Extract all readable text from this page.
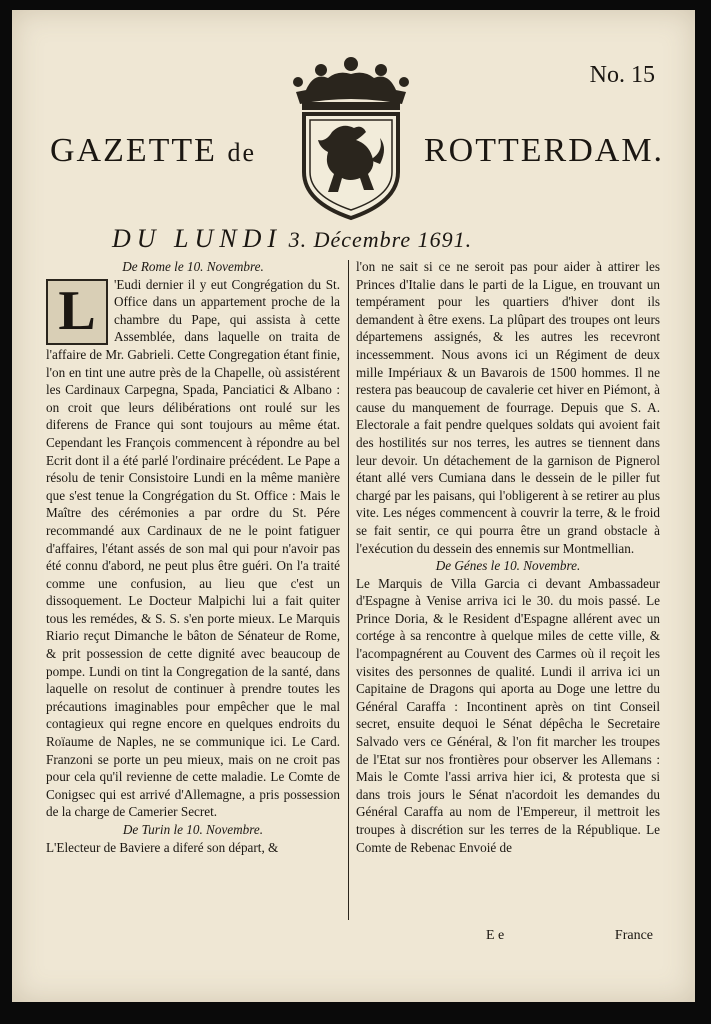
No. 15
GAZETTE de	ROTTERDAM.
DU LUNDI 3. Décembre 1691.

De Rome le 10. Novembre.

L	'Eudi dernier il y eut Congrégation du St. Office dans un appartement proche de la chambre du Pape, qui assista à cette Assemblée, dans laquelle on traita de l'affaire de Mr. Gabrieli. Cette Congregation étant finie, l'on en tint une autre près de la Chapelle, où assistérent les Cardinaux Carpegna, Spada, Panciatici & Albano : on croit que leurs délibérations ont roulé sur les diferens de France qui sont toujours au même état. Cependant les François commencent à répondre au bel Ecrit dont il a été parlé l'ordinaire précédent. Le Pape a résolu de tenir Consistoire Lundi en la même manière que s'est tenue la Congrégation du St. Office : Mais le Maître des cérémonies a par ordre du St. Pére recommandé aux Cardinaux de ne le point fatiguer d'affaires, l'étant assés de son mal qui pour n'avoir pas été connu d'abord, ne peut plus être guéri. On l'a traité comme une confusion, au lieu que c'est un dissoquement. Le Docteur Malpichi lui a fait quiter tous les remédes, & S. S. s'en porte mieux. Le Marquis Riario reçut Dimanche le bâton de Sénateur de Rome, & prit possession de cette dignité avec beaucoup de pompe. Lundi on tint la Congregation de la santé, dans laquelle on resolut de continuer à prendre toutes les précautions imaginables pour empêcher que le mal contagieux qui regne encore en quelques endroits du Roïaume de Naples, ne se communique ici. Le Card. Franzoni se porte un peu mieux, mais on ne croit pas pour cela qu'il revienne de cette maladie. Le Comte de Conigsec qui est arrivé d'Allemagne, a pris possession de la charge de Camerier Secret.

De Turin le 10. Novembre.

L'Electeur de Baviere a diferé son départ, &

l'on ne sait si ce ne seroit pas pour aider à attirer les Princes d'Italie dans le parti de la Ligue, en trouvant un tempérament pour les quartiers d'hiver dont ils demandent à être exens. La plûpart des troupes ont leurs départemens assignés, & les autres les recevront incessemment. Nous avons ici un Régiment de deux mille Impériaux & un Bavarois de 1500 hommes. Il ne restera pas beaucoup de cavalerie cet hiver en Piémont, à cause du manquement de fourrage. Depuis que S. A. Electorale a fait pendre quelques soldats qui avoient fait des hostilités sur nos terres, les autres se tiennent dans leur devoir. Un détachement de la garnison de Pignerol étant allé vers Cumiana dans le dessein de le piller fut chargé par les paisans, qui l'obligerent à se retirer au plus vite. Les néges commencent à couvrir la terre, & le froid se fait sentir, ce qui pourra être un grand obstacle à l'exécution du dessein des ennemis sur Montmellian.

De Génes le 10. Novembre.

Le Marquis de Villa Garcia ci devant Ambassadeur d'Espagne à Venise arriva ici le 30. du mois passé. Le Prince Doria, & le Resident d'Espagne allérent avec un cortége à sa rencontre à quelque miles de cette ville, & l'acompagnérent au Couvent des Carmes où il reçoit les visites des personnes de qualité. Lundi il arriva ici un Capitaine de Dragons qui aporta au Doge une lettre du Général Caraffa : Incontinent après on tint Conseil secret, ensuite dequoi le Sénat dépêcha le Secretaire Salvado vers ce Général, & l'on fit marcher les troupes de l'Etat sur nos frontières pour observer les Allemans : Mais le Comte l'assi arriva hier ici, & protesta que si dans trois jours le Sénat n'acordoit les demandes du Général Caraffa au nom de l'Empereur, il mettroit les troupes à discrétion sur les terres de la République. Le Comte de Rebenac Envoié de

E e	France
